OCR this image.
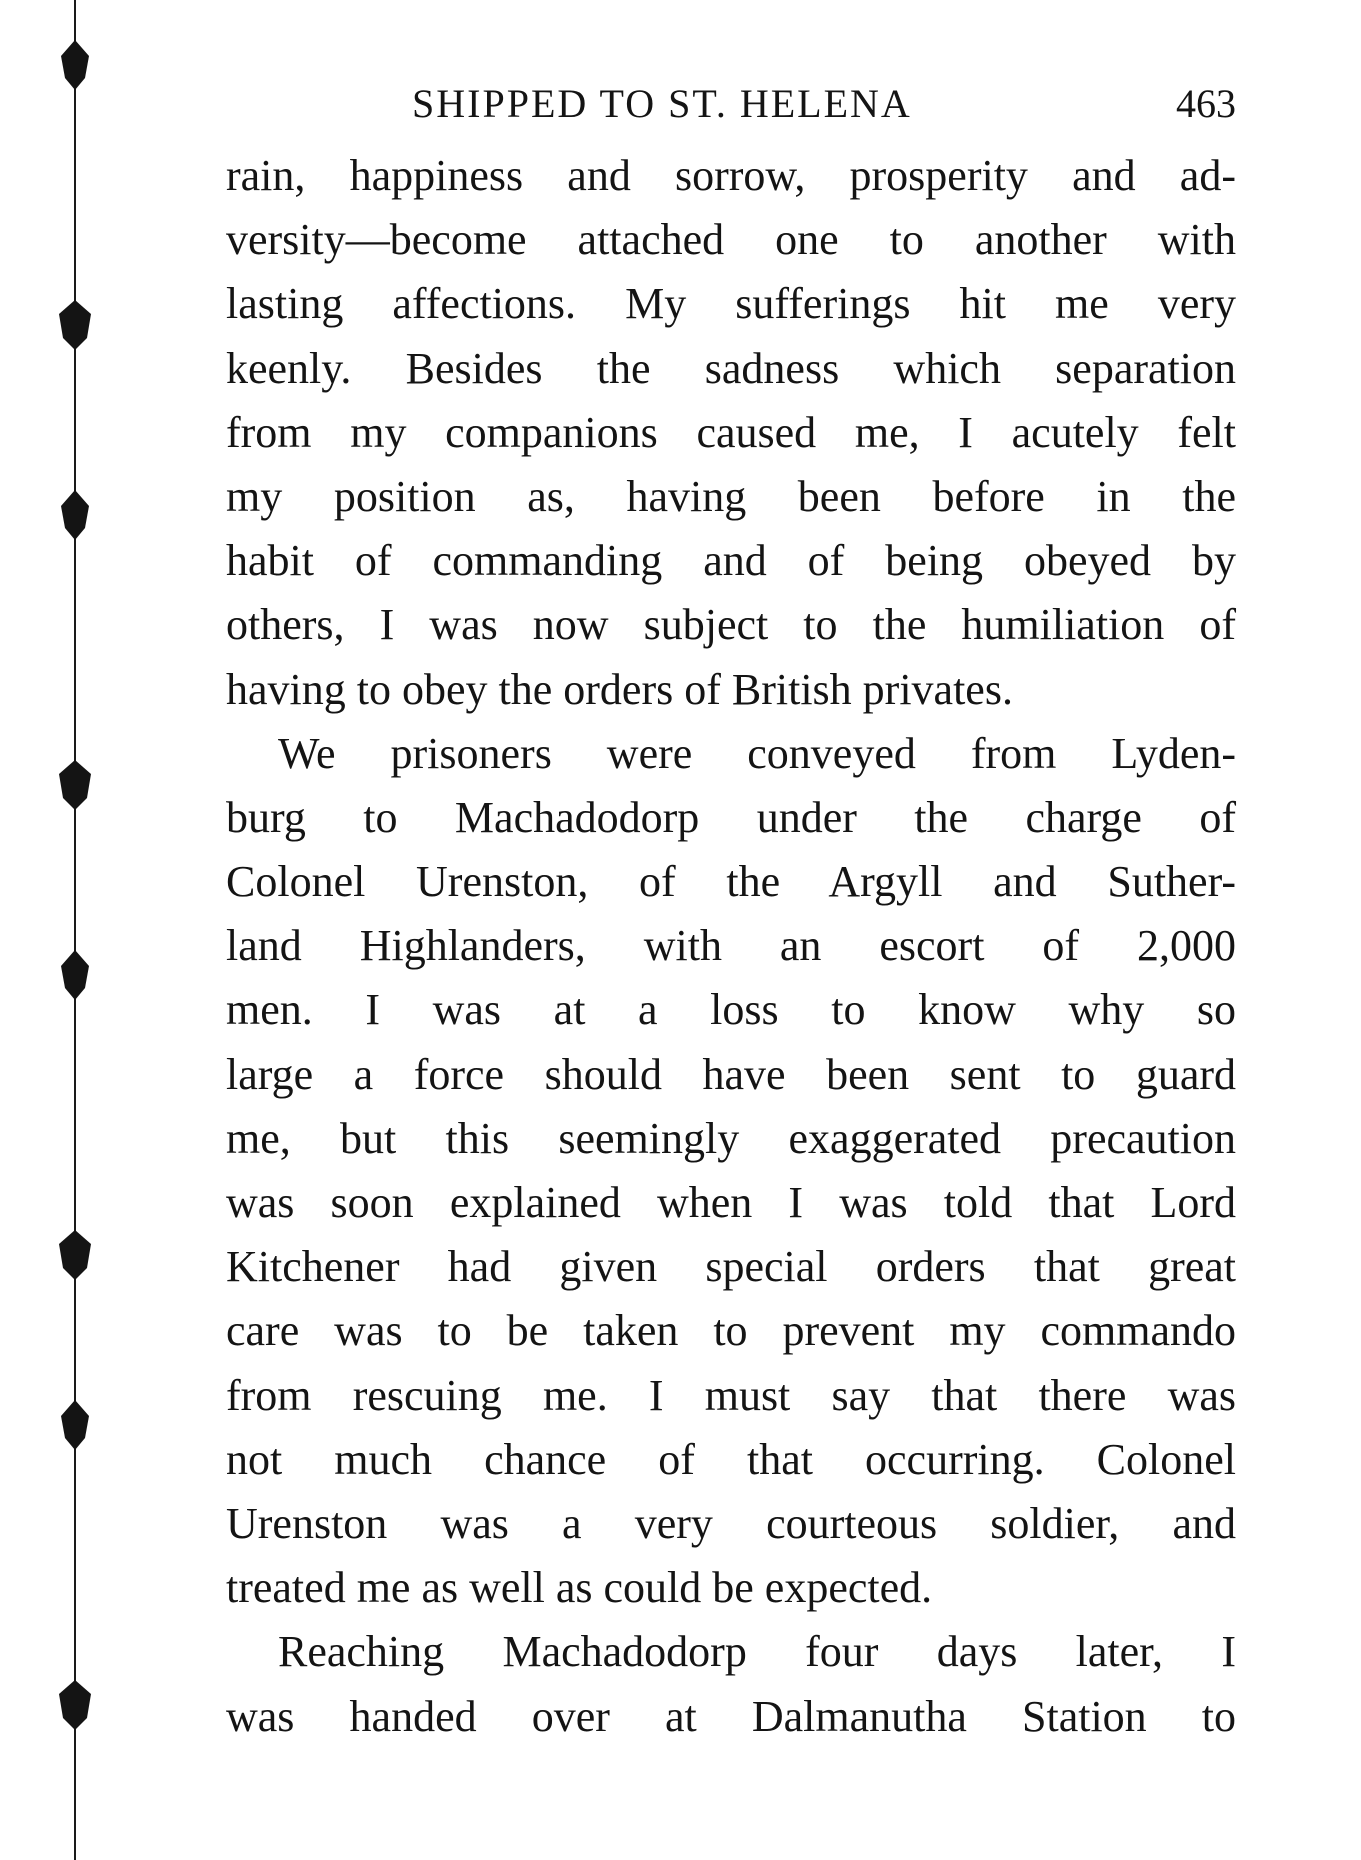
SHIPPED TO ST. HELENA	463
rain, happiness and sorrow, prosperity and ad-
versity—become attached one to another with
lasting affections. My sufferings hit me very
keenly. Besides the sadness which separation
from my companions caused me, I acutely felt
my position as, having been before in the
habit of commanding and of being obeyed by
others, I was now subject to the humiliation of
having to obey the orders of British privates.
We prisoners were conveyed from Lyden-
burg to Machadodorp under the charge of
Colonel Urenston, of the Argyll and Suther-
land Highlanders, with an escort of 2,000
men. I was at a loss to know why so
large a force should have been sent to guard
me, but this seemingly exaggerated precaution
was soon explained when I was told that Lord
Kitchener had given special orders that great
care was to be taken to prevent my commando
from rescuing me. I must say that there was
not much chance of that occurring. Colonel
Urenston was a very courteous soldier, and
treated me as well as could be expected.
Reaching Machadodorp four days later, I
was handed over at Dalmanutha Station to
